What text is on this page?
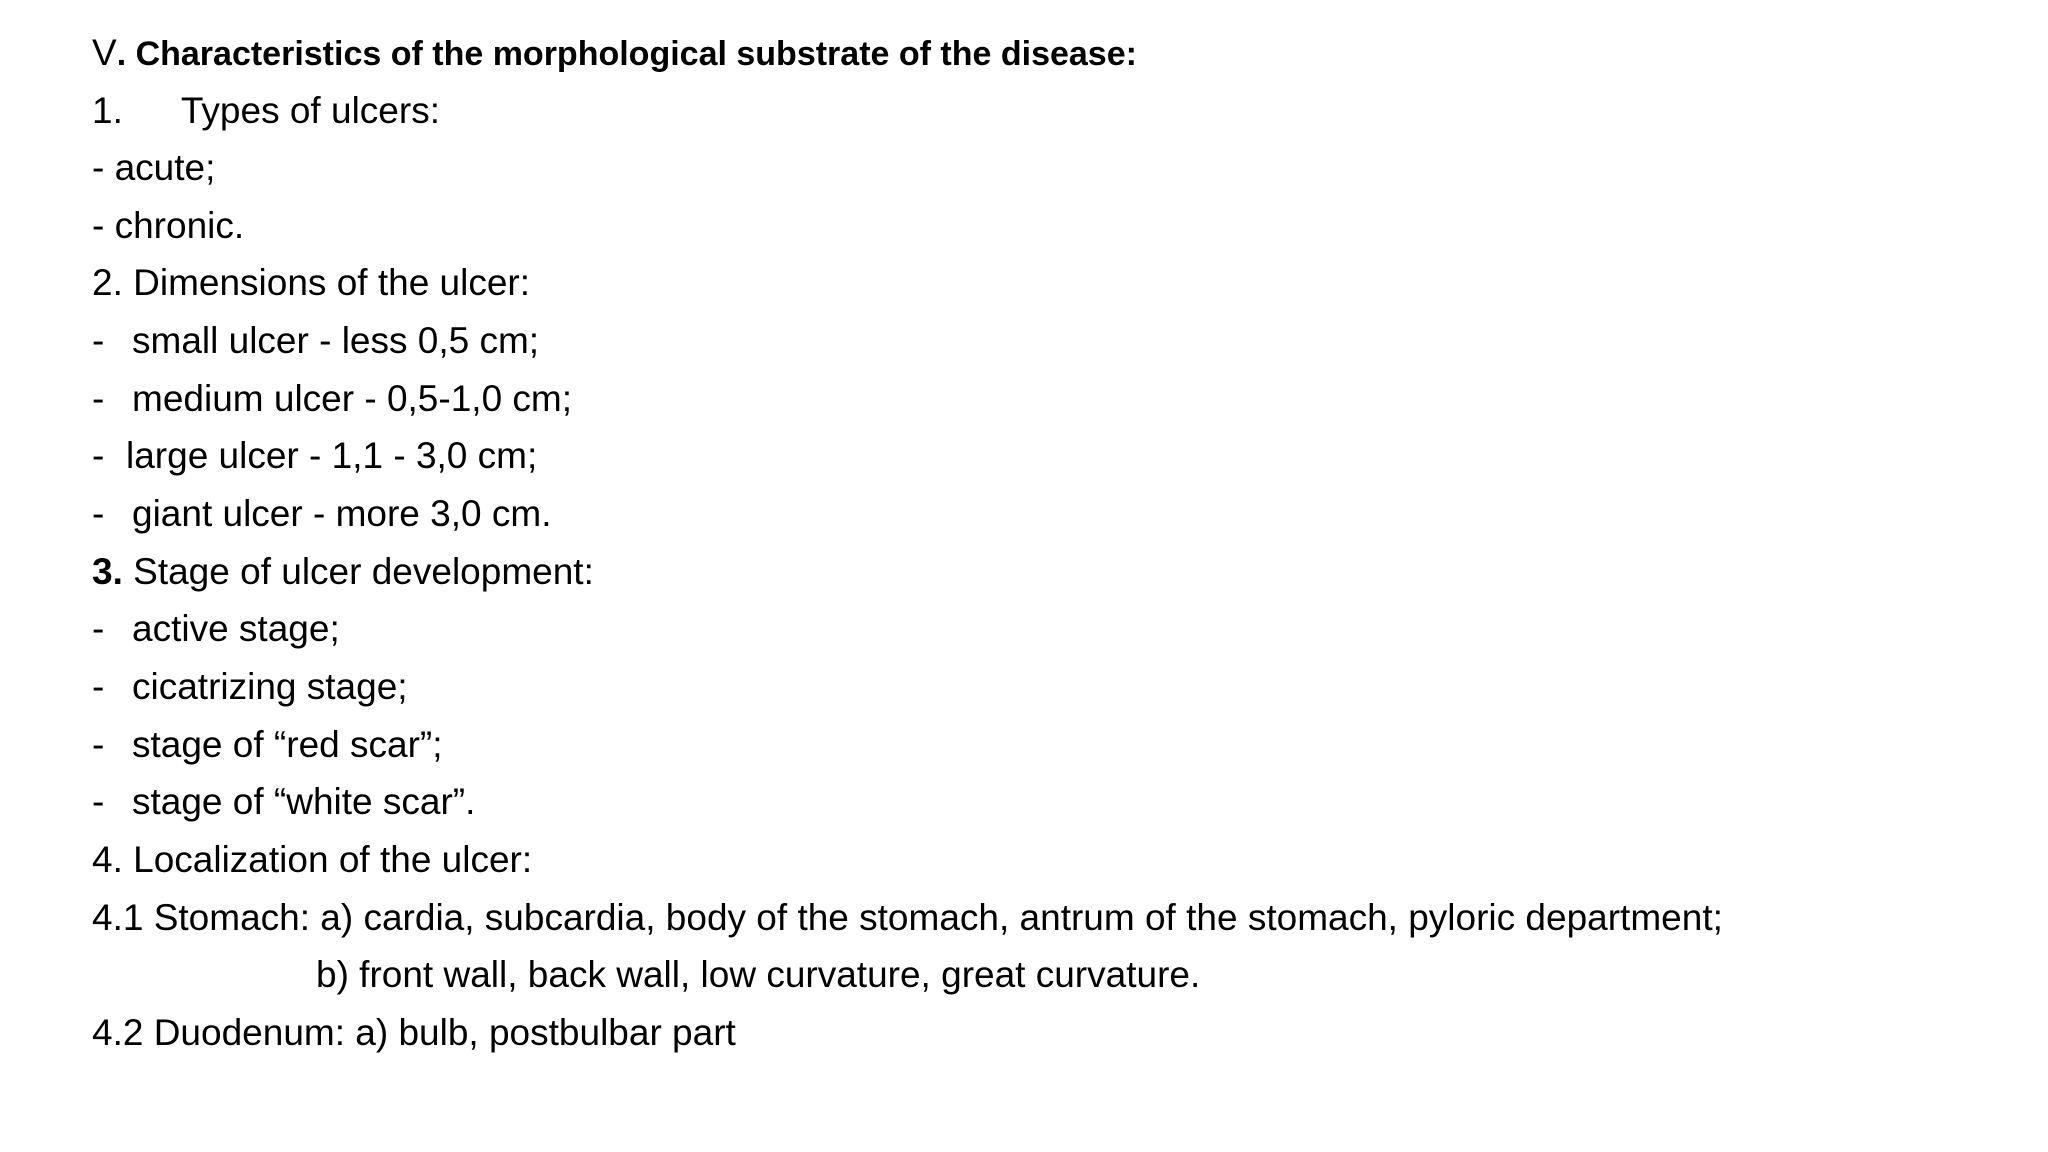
V. Characteristics of the morphological substrate of the disease:
1. Types of ulcers:
- acute;
- chronic.
2. Dimensions of the ulcer:
- small ulcer - less 0,5 cm;
- medium ulcer - 0,5-1,0 cm;
- large ulcer - 1,1 - 3,0 cm;
- giant ulcer - more 3,0 cm.
3. Stage of ulcer development:
- active stage;
- cicatrizing stage;
- stage of “red scar”;
- stage of “white scar”.
4. Localization of the ulcer:
4.1 Stomach: a) cardia, subcardia, body of the stomach, antrum of the stomach, pyloric department;
b) front wall, back wall, low curvature, great curvature.
4.2 Duodenum: a) bulb, postbulbar part
